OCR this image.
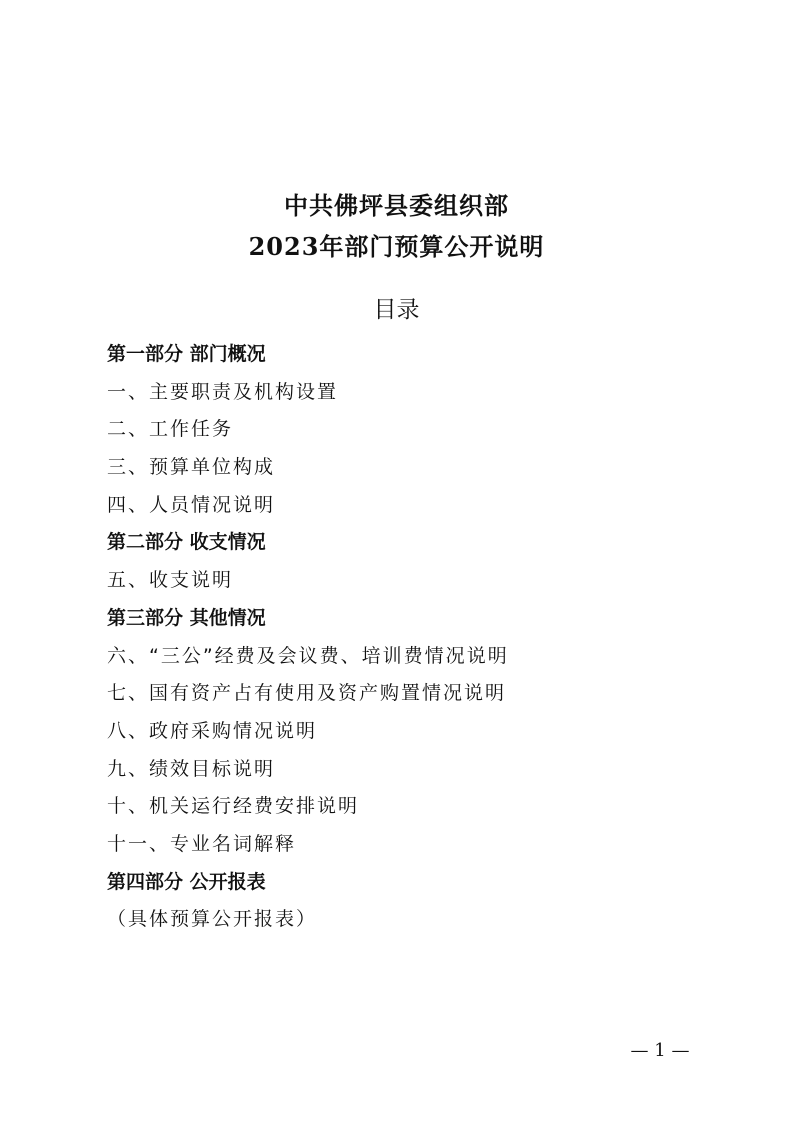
中共佛坪县委组织部
2023年部门预算公开说明
目录
第一部分 部门概况
一、主要职责及机构设置
二、工作任务
三、预算单位构成
四、人员情况说明
第二部分 收支情况
五、收支说明
第三部分 其他情况
六、“三公”经费及会议费、培训费情况说明
七、国有资产占有使用及资产购置情况说明
八、政府采购情况说明
九、绩效目标说明
十、机关运行经费安排说明
十一、专业名词解释
第四部分 公开报表
（具体预算公开报表）
— 1 —
